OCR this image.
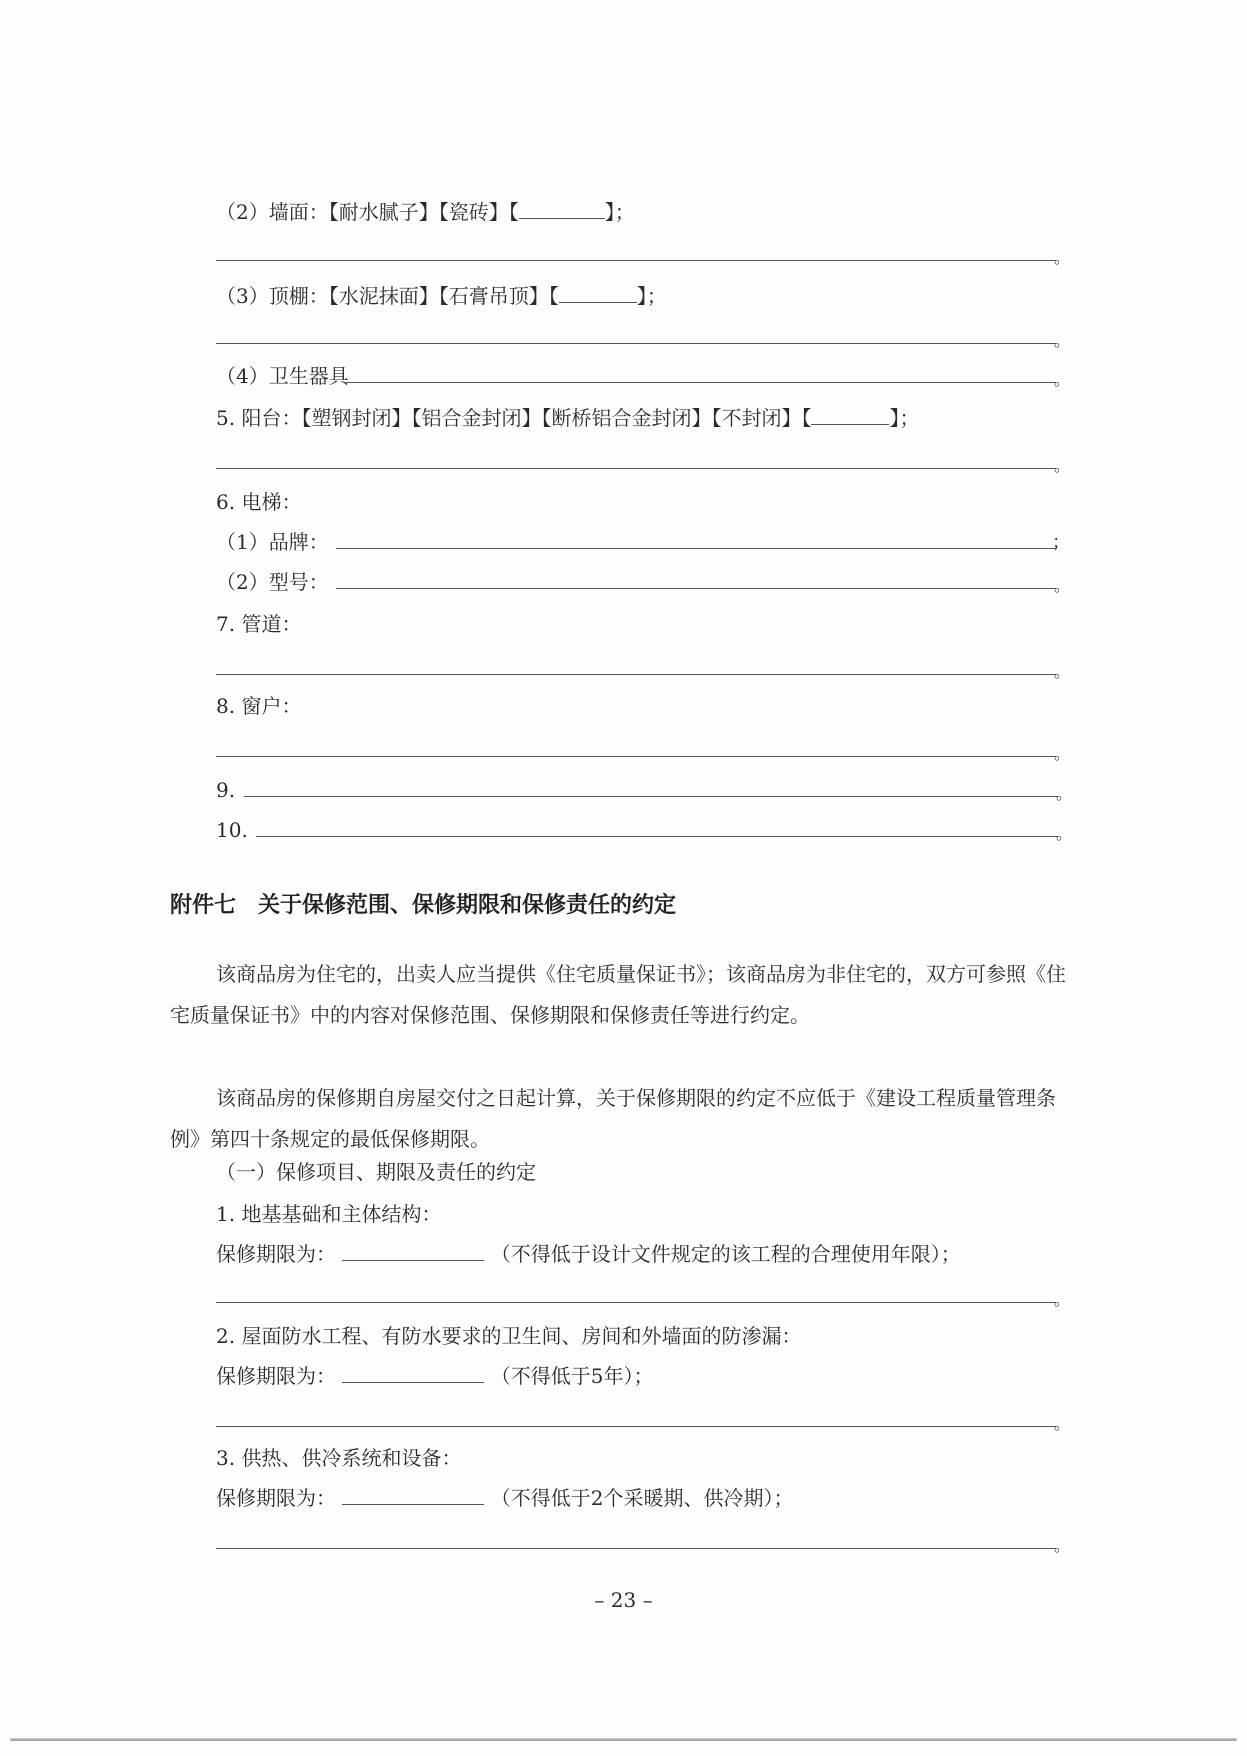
（2）墙面：【耐水腻子】【瓷砖】【	】；
。
（3）顶棚：【水泥抹面】【石膏吊顶】【	】；
。
（4）卫生器具	。
5. 阳台：【塑钢封闭】【铝合金封闭】【断桥铝合金封闭】【不封闭】【	】；
。
6. 电梯：
（1）品牌：	；
（2）型号：	。
7. 管道：
。
8. 窗户：
。
9.	。
10.	。
附件七　关于保修范围、保修期限和保修责任的约定
该商品房为住宅的，出卖人应当提供《住宅质量保证书》；该商品房为非住宅的，双方可参照《住宅质量保证书》中的内容对保修范围、保修期限和保修责任等进行约定。
该商品房的保修期自房屋交付之日起计算，关于保修期限的约定不应低于《建设工程质量管理条例》第四十条规定的最低保修期限。
（一）保修项目、期限及责任的约定
1. 地基基础和主体结构：
保修期限为：	（不得低于设计文件规定的该工程的合理使用年限）；
。
2. 屋面防水工程、有防水要求的卫生间、房间和外墙面的防渗漏：
保修期限为：	（不得低于5年）；
。
3. 供热、供冷系统和设备：
保修期限为：	（不得低于2个采暖期、供冷期）；
。
– 23 –
